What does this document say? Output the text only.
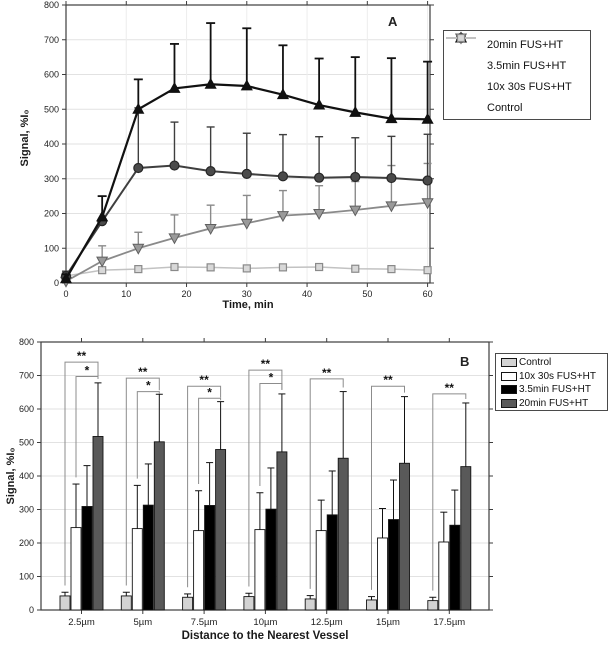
0	10	20	30	40	50	60
0
100
200
300
400
500
600
700
800
0
100
200
300
400
500
600
700
800
2.5µm	5µm	7.5µm	10µm	12.5µm	15µm	17.5µm
**
*	**
*	**
*
**
*	**
**
**
A
Time, min
Signal, %I₀
20min FUS+HT
3.5min FUS+HT
10x 30s FUS+HT
Control
B
Distance to the Nearest Vessel
Signal, %I₀
Control
10x 30s FUS+HT
3.5min FUS+HT
20min FUS+HT
